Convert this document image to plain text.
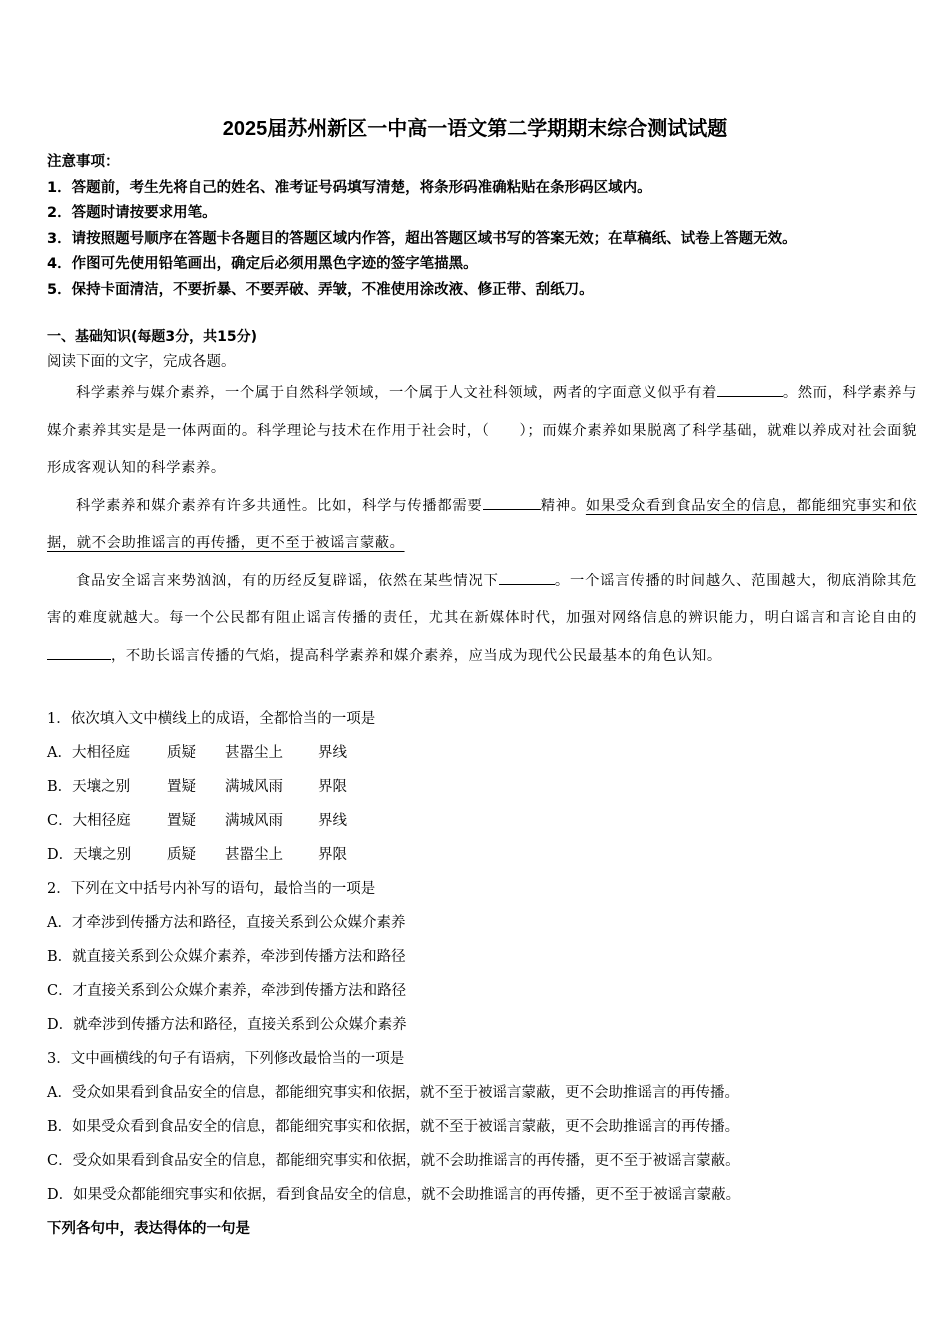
2025届苏州新区一中高一语文第二学期期末综合测试试题
注意事项：
1．答题前，考生先将自己的姓名、准考证号码填写清楚，将条形码准确粘贴在条形码区域内。
2．答题时请按要求用笔。
3．请按照题号顺序在答题卡各题目的答题区域内作答，超出答题区域书写的答案无效；在草稿纸、试卷上答题无效。
4．作图可先使用铅笔画出，确定后必须用黑色字迹的签字笔描黑。
5．保持卡面清洁，不要折暴、不要弄破、弄皱，不准使用涂改液、修正带、刮纸刀。
一、基础知识(每题3分，共15分)
阅读下面的文字，完成各题。

科学素养与媒介素养，一个属于自然科学领域，一个属于人文社科领域，两者的字面意义似乎有着	。然而，科学素养与媒介素养其实是是一体两面的。科学理论与技术在作用于社会时，（　　）；而媒介素养如果脱离了科学基础，就难以养成对社会面貌形成客观认知的科学素养。

科学素养和媒介素养有许多共通性。比如，科学与传播都需要	精神。如果受众看到食品安全的信息，都能细究事实和依据，就不会助推谣言的再传播，更不至于被谣言蒙蔽。

食品安全谣言来势汹汹，有的历经反复辟谣，依然在某些情况下	。一个谣言传播的时间越久、范围越大，彻底消除其危害的难度就越大。每一个公民都有阻止谣言传播的责任，尤其在新媒体时代，加强对网络信息的辨识能力，明白谣言和言论自由的，不助长谣言传播的气焰，提高科学素养和媒介素养，应当成为现代公民最基本的角色认知。

1．依次填入文中横线上的成语，全都恰当的一项是
A．大相径庭	质疑 甚嚣尘上 界线
B．天壤之别	置疑 满城风雨 界限
C．大相径庭	置疑 满城风雨 界线
D．天壤之别 质疑 甚嚣尘上 界限
2．下列在文中括号内补写的语句，最恰当的一项是
A．才牵涉到传播方法和路径，直接关系到公众媒介素养
B．就直接关系到公众媒介素养，牵涉到传播方法和路径
C．才直接关系到公众媒介素养，牵涉到传播方法和路径
D．就牵涉到传播方法和路径，直接关系到公众媒介素养
3．文中画横线的句子有语病，下列修改最恰当的一项是
A．受众如果看到食品安全的信息，都能细究事实和依据，就不至于被谣言蒙蔽，更不会助推谣言的再传播。
B．如果受众看到食品安全的信息，都能细究事实和依据，就不至于被谣言蒙蔽，更不会助推谣言的再传播。
C．受众如果看到食品安全的信息，都能细究事实和依据，就不会助推谣言的再传播，更不至于被谣言蒙蔽。
D．如果受众都能细究事实和依据，看到食品安全的信息，就不会助推谣言的再传播，更不至于被谣言蒙蔽。
下列各句中，表达得体的一句是
